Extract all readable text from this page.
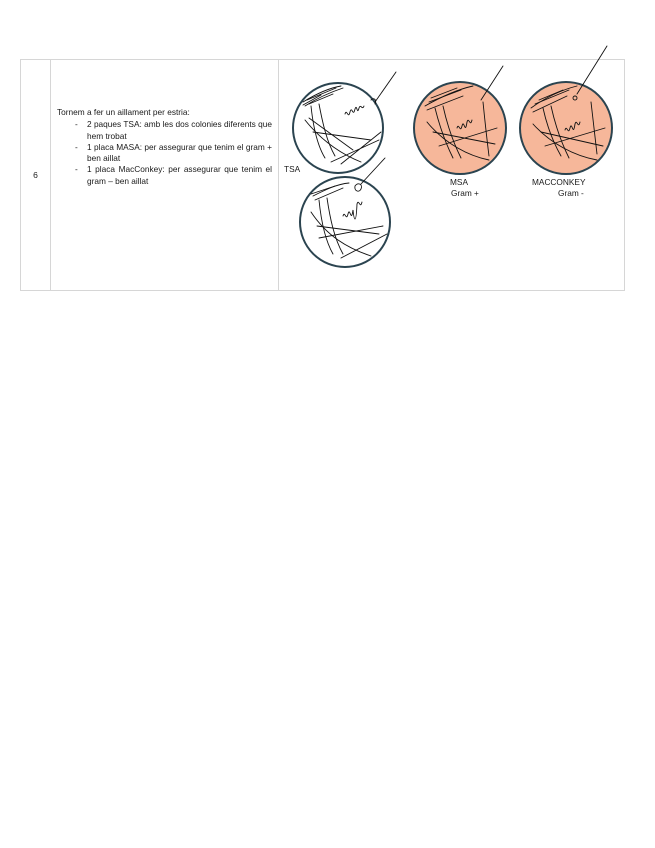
6
Tornem a fer un aillament per estria:
- 2 paques TSA: amb les dos colonies diferents que hem trobat
- 1 placa MASA: per assegurar que tenim el gram + ben aillat
- 1 placa MacConkey: per assegurar que tenim el gram – ben aillat
TSA
MSA
Gram +
MACCONKEY
Gram -
